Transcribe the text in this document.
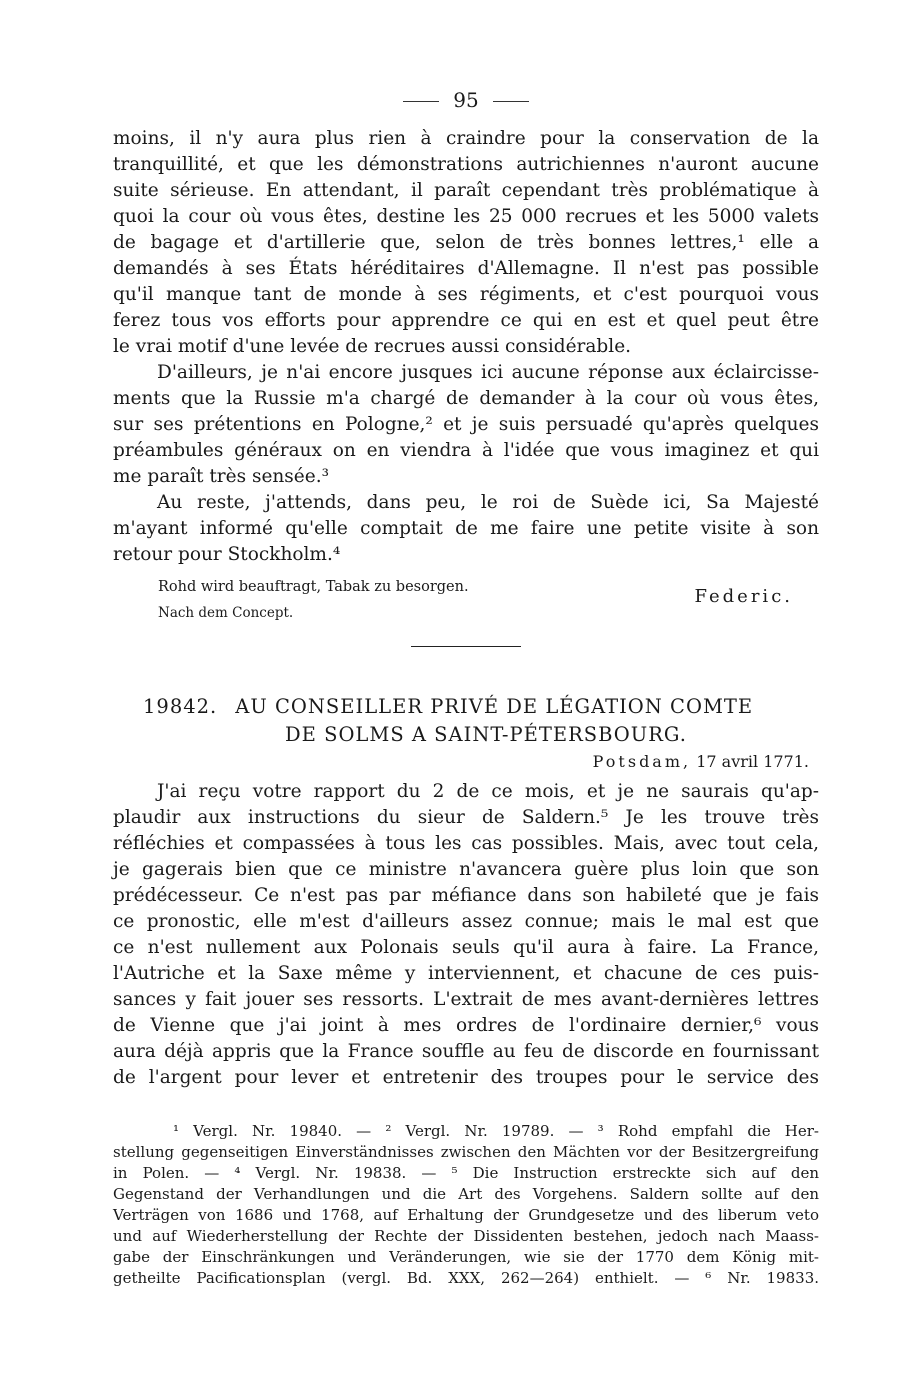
95
moins, il n'y aura plus rien à craindre pour la conservation de la
tranquillité, et que les démonstrations autrichiennes n'auront aucune
suite sérieuse. En attendant, il paraît cependant très problématique à
quoi la cour où vous êtes, destine les 25 000 recrues et les 5000 valets
de bagage et d'artillerie que, selon de très bonnes lettres,¹ elle a
demandés à ses États héréditaires d'Allemagne. Il n'est pas possible
qu'il manque tant de monde à ses régiments, et c'est pourquoi vous
ferez tous vos efforts pour apprendre ce qui en est et quel peut être
le vrai motif d'une levée de recrues aussi considérable.
D'ailleurs, je n'ai encore jusques ici aucune réponse aux éclaircisse-
ments que la Russie m'a chargé de demander à la cour où vous êtes,
sur ses prétentions en Pologne,² et je suis persuadé qu'après quelques
préambules généraux on en viendra à l'idée que vous imaginez et qui
me paraît très sensée.³
Au reste, j'attends, dans peu, le roi de Suède ici, Sa Majesté
m'ayant informé qu'elle comptait de me faire une petite visite à son
retour pour Stockholm.⁴
Rohd wird beauftragt, Tabak zu besorgen.
Nach dem Concept.
Federic.
19842. AU CONSEILLER PRIVÉ DE LÉGATION COMTE
DE SOLMS A SAINT-PÉTERSBOURG.
Potsdam, 17 avril 1771.
J'ai reçu votre rapport du 2 de ce mois, et je ne saurais qu'ap-
plaudir aux instructions du sieur de Saldern.⁵ Je les trouve très
réfléchies et compassées à tous les cas possibles. Mais, avec tout cela,
je gagerais bien que ce ministre n'avancera guère plus loin que son
prédécesseur. Ce n'est pas par méfiance dans son habileté que je fais
ce pronostic, elle m'est d'ailleurs assez connue; mais le mal est que
ce n'est nullement aux Polonais seuls qu'il aura à faire. La France,
l'Autriche et la Saxe même y interviennent, et chacune de ces puis-
sances y fait jouer ses ressorts. L'extrait de mes avant-dernières lettres
de Vienne que j'ai joint à mes ordres de l'ordinaire dernier,⁶ vous
aura déjà appris que la France souffle au feu de discorde en fournissant
de l'argent pour lever et entretenir des troupes pour le service des
¹ Vergl. Nr. 19840. — ² Vergl. Nr. 19789. — ³ Rohd empfahl die Her-
stellung gegenseitigen Einverständnisses zwischen den Mächten vor der Besitzergreifung
in Polen. — ⁴ Vergl. Nr. 19838. — ⁵ Die Instruction erstreckte sich auf den
Gegenstand der Verhandlungen und die Art des Vorgehens. Saldern sollte auf den
Verträgen von 1686 und 1768, auf Erhaltung der Grundgesetze und des liberum veto
und auf Wiederherstellung der Rechte der Dissidenten bestehen, jedoch nach Maass-
gabe der Einschränkungen und Veränderungen, wie sie der 1770 dem König mit-
getheilte Pacificationsplan (vergl. Bd. XXX, 262—264) enthielt. — ⁶ Nr. 19833.
